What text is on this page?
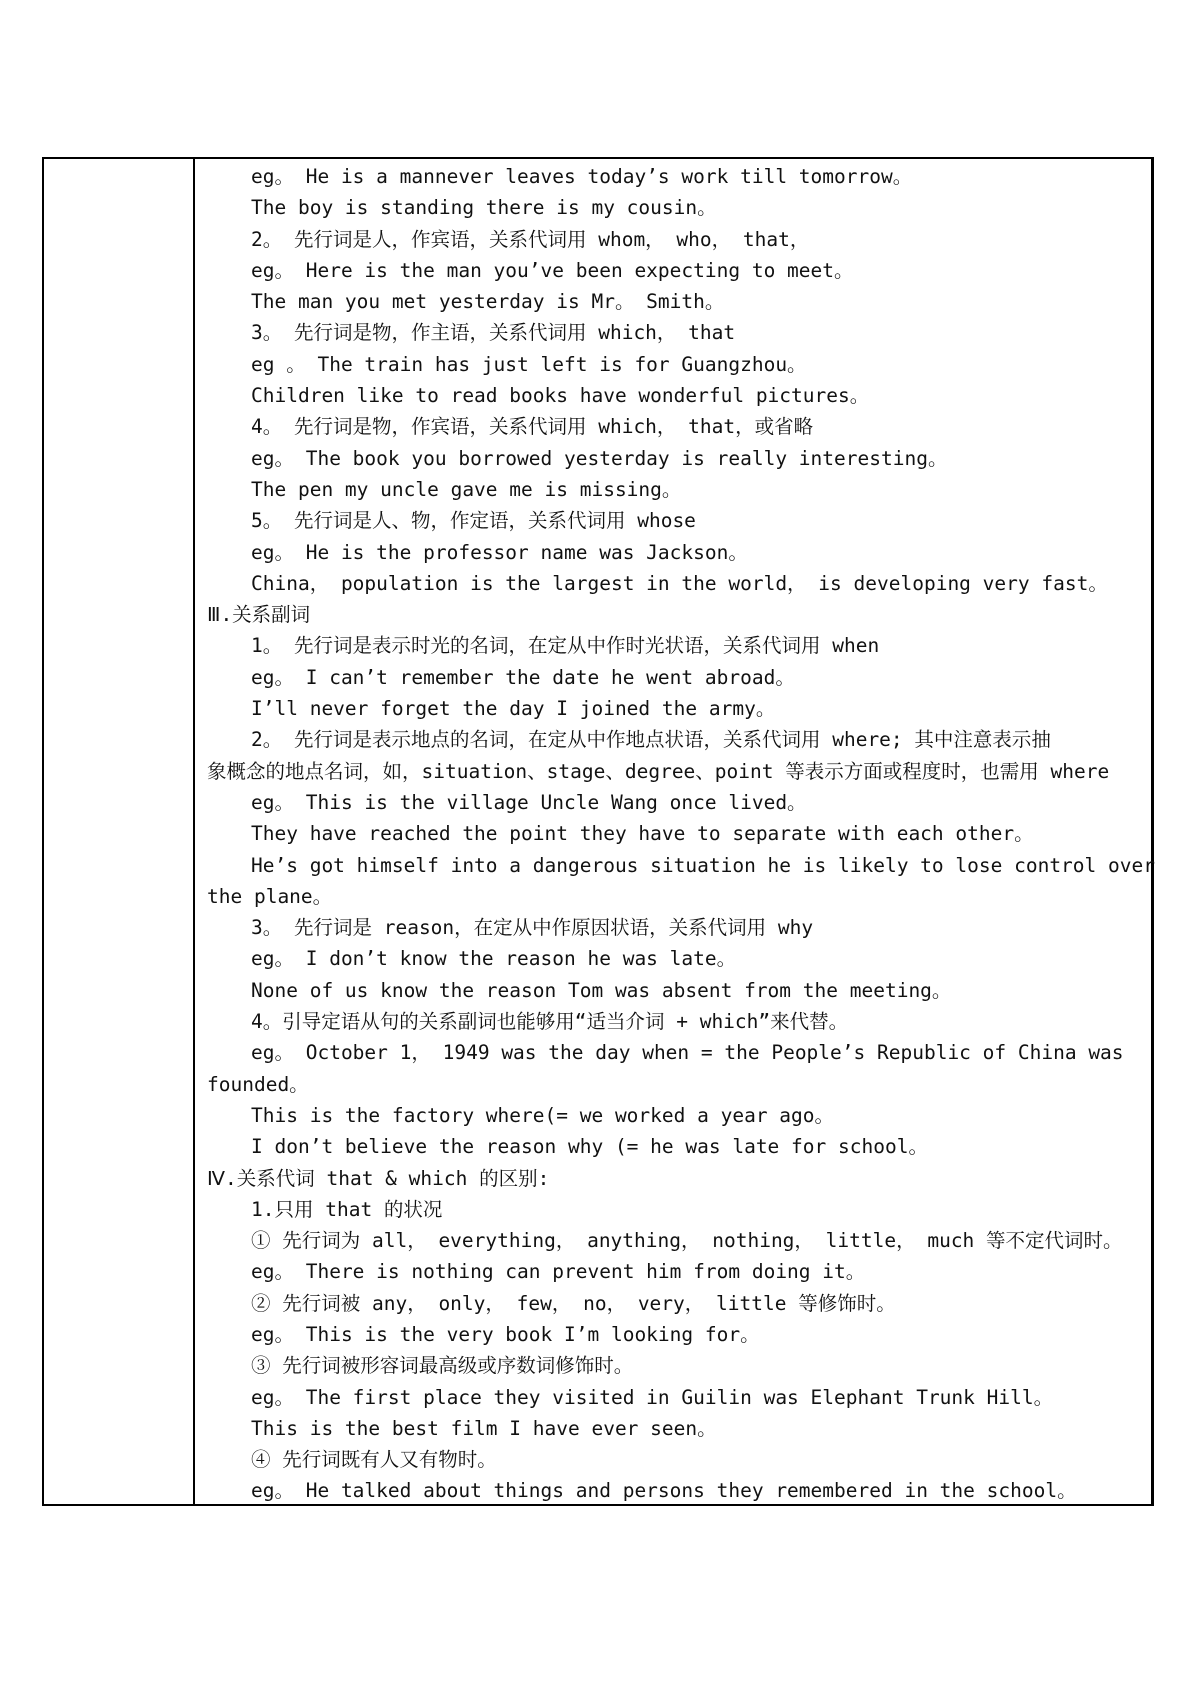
eg。 He is a mannever leaves today’s work till tomorrow。
The boy is standing there is my cousin。
2。 先行词是人，作宾语，关系代词用 whom， who， that，
eg。 Here is the man you’ve been expecting to meet。
The man you met yesterday is Mr。 Smith。
3。 先行词是物，作主语，关系代词用 which， that
eg 。 The train has just left is for Guangzhou。
Children like to read books have wonderful pictures。
4。 先行词是物，作宾语，关系代词用 which， that，或省略
eg。 The book you borrowed yesterday is really interesting。
The pen my uncle gave me is missing。
5。 先行词是人、物，作定语，关系代词用 whose
eg。 He is the professor name was Jackson。
China， population is the largest in the world， is developing very fast。
Ⅲ.关系副词
1。 先行词是表示时光的名词，在定从中作时光状语，关系代词用 when
eg。 I can’t remember the date he went abroad。
I’ll never forget the day I joined the army。
2。 先行词是表示地点的名词，在定从中作地点状语，关系代词用 where; 其中注意表示抽
象概念的地点名词，如，situation、stage、degree、point 等表示方面或程度时，也需用 where
eg。 This is the village Uncle Wang once lived。
They have reached the point they have to separate with each other。
He’s got himself into a dangerous situation he is likely to lose control over
the plane。
3。 先行词是 reason，在定从中作原因状语，关系代词用 why
eg。 I don’t know the reason he was late。
None of us know the reason Tom was absent from the meeting。
4。引导定语从句的关系副词也能够用“适当介词 + which”来代替。
eg。 October 1， 1949 was the day when = the People’s Republic of China was
founded。
This is the factory where(= we worked a year ago。
I don’t believe the reason why (= he was late for school。
Ⅳ.关系代词 that & which 的区别:
1.只用 that 的状况
① 先行词为 all， everything， anything， nothing， little， much 等不定代词时。
eg。 There is nothing can prevent him from doing it。
② 先行词被 any， only， few， no， very， little 等修饰时。
eg。 This is the very book I’m looking for。
③ 先行词被形容词最高级或序数词修饰时。
eg。 The first place they visited in Guilin was Elephant Trunk Hill。
This is the best film I have ever seen。
④ 先行词既有人又有物时。
eg。 He talked about things and persons they remembered in the school。
